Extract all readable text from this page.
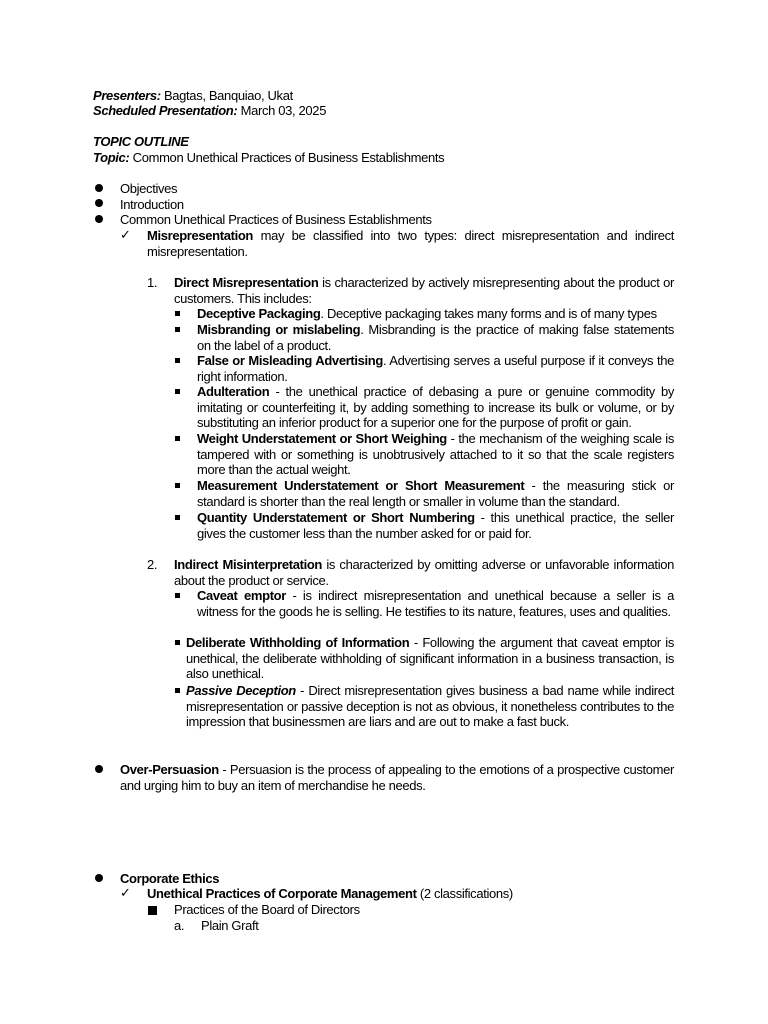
Presenters: Bagtas, Banquiao, Ukat
Scheduled Presentation: March 03, 2025
TOPIC OUTLINE
Topic: Common Unethical Practices of Business Establishments
Objectives
Introduction
Common Unethical Practices of Business Establishments
✓ Misrepresentation may be classified into two types: direct misrepresentation and indirect misrepresentation.
1. Direct Misrepresentation is characterized by actively misrepresenting about the product or customers. This includes:
Deceptive Packaging. Deceptive packaging takes many forms and is of many types
Misbranding or mislabeling. Misbranding is the practice of making false statements on the label of a product.
False or Misleading Advertising. Advertising serves a useful purpose if it conveys the right information.
Adulteration - the unethical practice of debasing a pure or genuine commodity by imitating or counterfeiting it, by adding something to increase its bulk or volume, or by substituting an inferior product for a superior one for the purpose of profit or gain.
Weight Understatement or Short Weighing - the mechanism of the weighing scale is tampered with or something is unobtrusively attached to it so that the scale registers more than the actual weight.
Measurement Understatement or Short Measurement - the measuring stick or standard is shorter than the real length or smaller in volume than the standard.
Quantity Understatement or Short Numbering - this unethical practice, the seller gives the customer less than the number asked for or paid for.
2. Indirect Misinterpretation is characterized by omitting adverse or unfavorable information about the product or service.
Caveat emptor - is indirect misrepresentation and unethical because a seller is a witness for the goods he is selling. He testifies to its nature, features, uses and qualities.
Deliberate Withholding of Information - Following the argument that caveat emptor is unethical, the deliberate withholding of significant information in a business transaction, is also unethical.
Passive Deception - Direct misrepresentation gives business a bad name while indirect misrepresentation or passive deception is not as obvious, it nonetheless contributes to the impression that businessmen are liars and are out to make a fast buck.
Over-Persuasion - Persuasion is the process of appealing to the emotions of a prospective customer and urging him to buy an item of merchandise he needs.
Corporate Ethics
✓ Unethical Practices of Corporate Management (2 classifications)
Practices of the Board of Directors
a. Plain Graft
